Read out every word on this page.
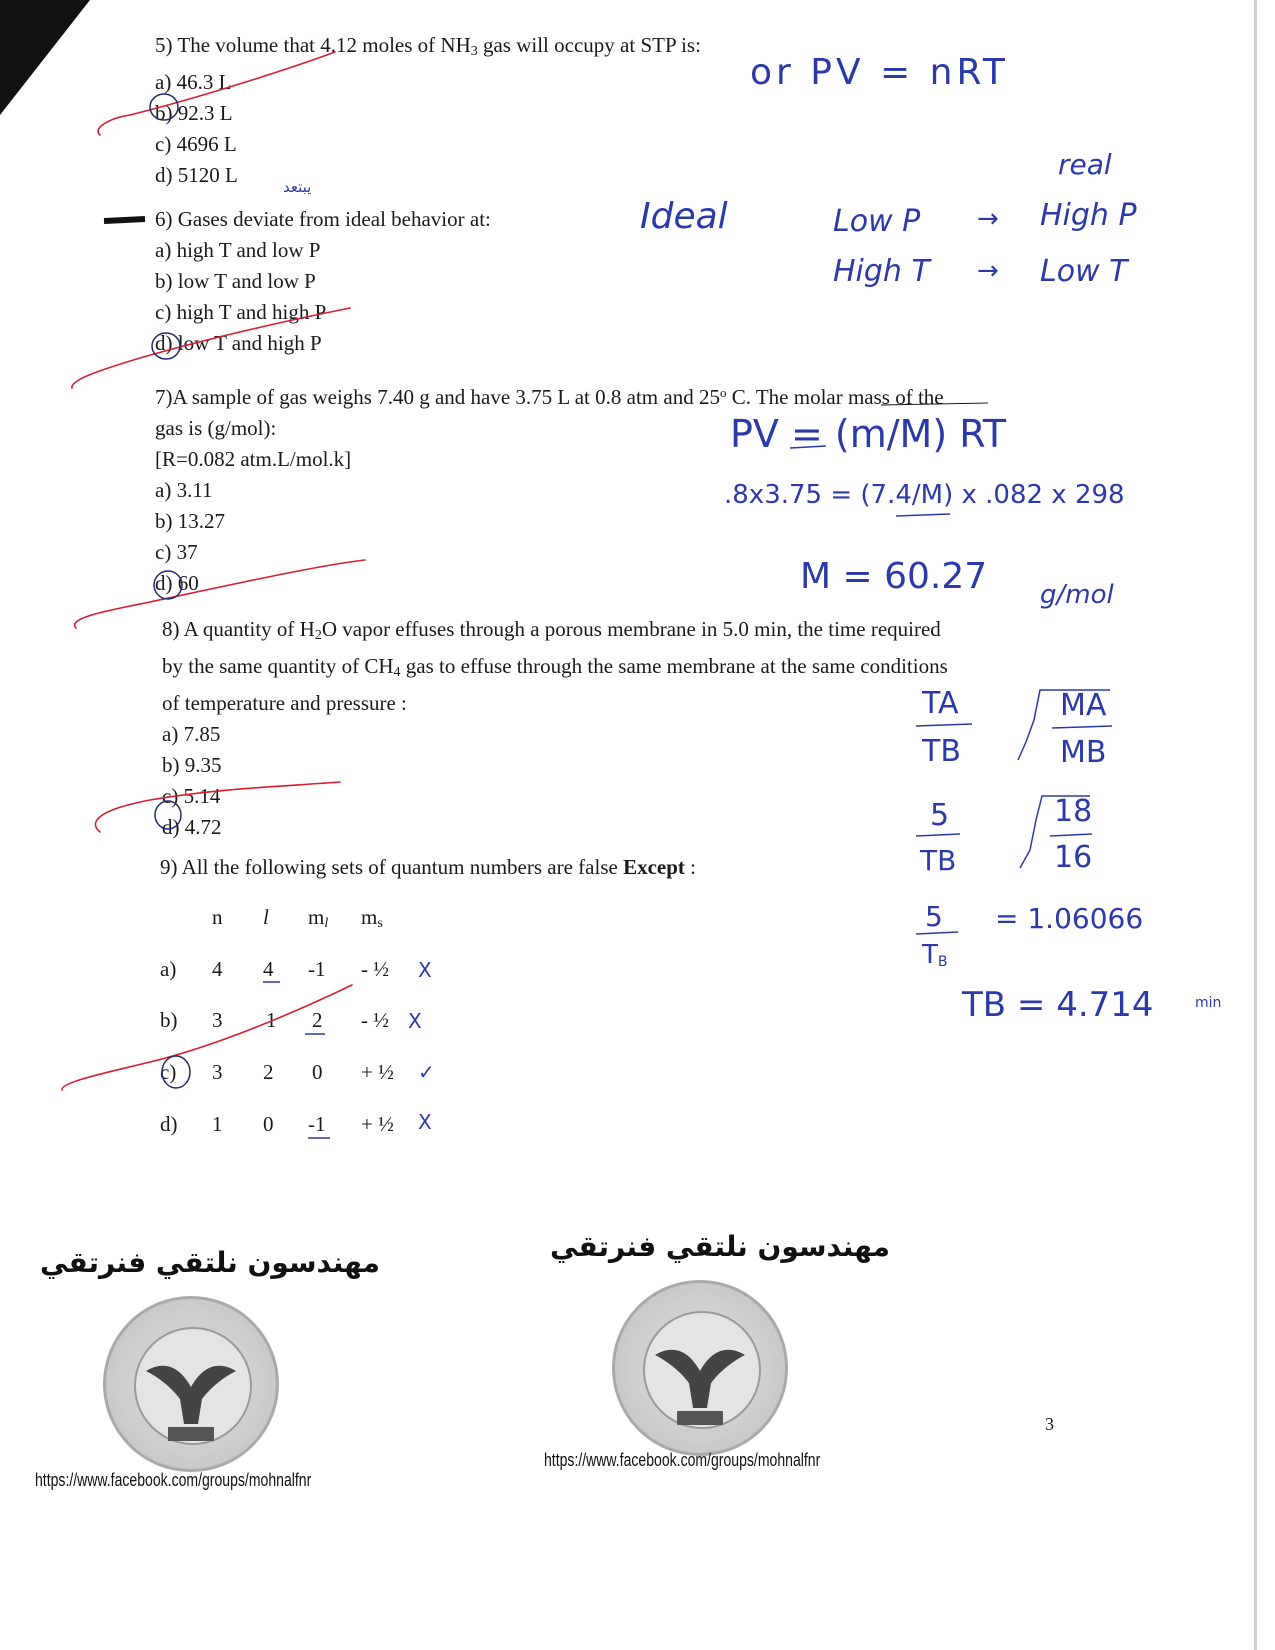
5) The volume that 4.12 moles of $NH_3$ gas will occupy at STP is:
a) 46.3 L
b) 92.3 L
c) 4696 L
d) 5120 L
6) Gases deviate from ideal behavior at:
a) high T and low P
b) low T and low P
c) high T and high P
d) low T and high P
7)A sample of gas weighs 7.40 g and have 3.75 L at 0.8 atm and 25$^o$ C. The molar mass of the
gas is (g/mol):
[R=0.082 atm.L/mol.k]
a) 3.11
b) 13.27
c) 37
d) 60
8) A quantity of $H_2O$ vapor effuses through a porous membrane in 5.0 min, the time required
by the same quantity of $CH_4$ gas to effuse through the same membrane at the same conditions
of temperature and pressure :
a) 7.85
b) 9.35
c) 5.14
d) 4.72
9) All the following sets of quantum numbers are false Except :
n l $m_l$ $m_s$
a) 4 4 -1 - ½
b) 3 1 2 - ½
c) 3 2 0 + ½
d) 1 0 -1 + ½
or PV = nRT
يبتعد
real
Ideal	Low P → High P
High T → Low T
PV = (m/M) RT
.8x3.75 = (7.4/M) x .082 x 298
M = 60.27 g/mol
TA
TB
MA
MB
5
TB
18
16
5
$T_B$
= 1.06066
TB = 4.714	min
X
X
✓
X
مهندسون نلتقي فنرتقي	مهندسون نلتقي فنرتقي
https://www.facebook.com/groups/mohnalfnr
https://www.facebook.com/groups/mohnalfnr
3
